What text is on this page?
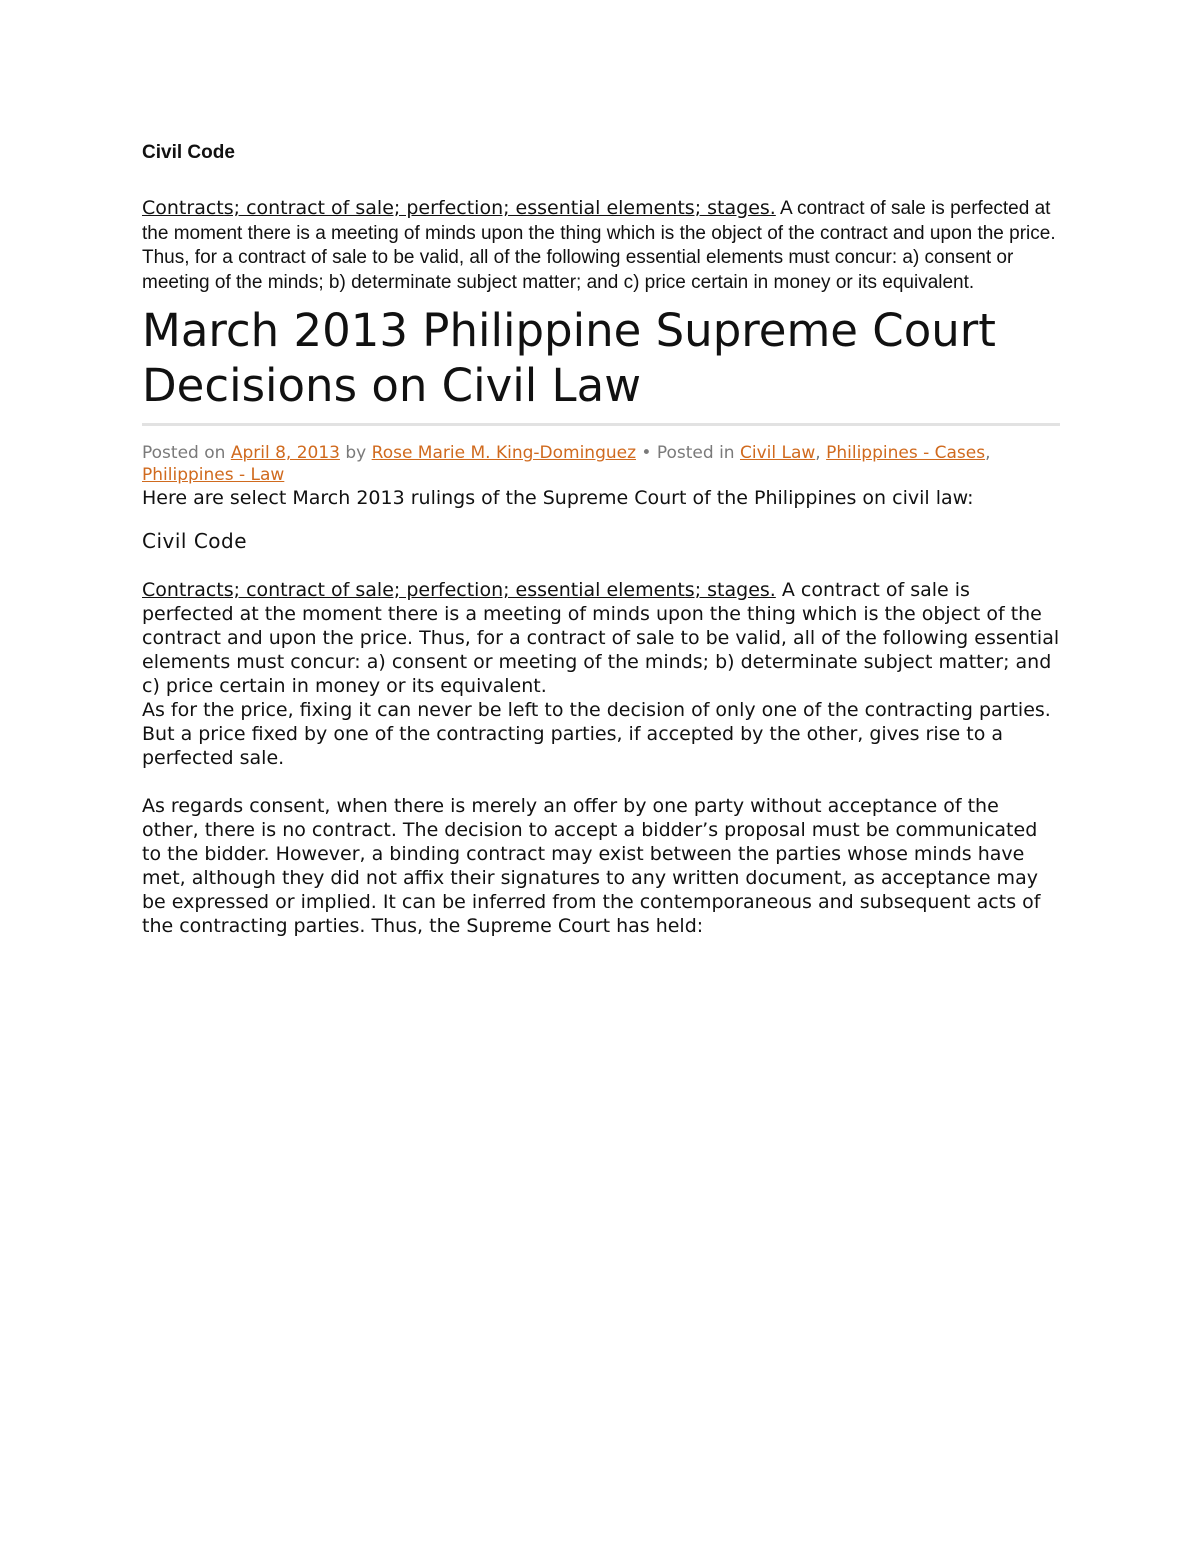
Civil Code

Contracts; contract of sale; perfection; essential elements; stages. A contract of sale is perfected at the moment there is a meeting of minds upon the thing which is the object of the contract and upon the price. Thus, for a contract of sale to be valid, all of the following essential elements must concur: a) consent or meeting of the minds; b) determinate subject matter; and c) price certain in money or its equivalent.

March 2013 Philippine Supreme Court Decisions on Civil Law
Posted on April 8, 2013 by Rose Marie M. King-Dominguez • Posted in Civil Law, Philippines - Cases, Philippines - Law

Here are select March 2013 rulings of the Supreme Court of the Philippines on civil law:

Civil Code

Contracts; contract of sale; perfection; essential elements; stages. A contract of sale is perfected at the moment there is a meeting of minds upon the thing which is the object of the contract and upon the price. Thus, for a contract of sale to be valid, all of the following essential elements must concur: a) consent or meeting of the minds; b) determinate subject matter; and c) price certain in money or its equivalent.

As for the price, fixing it can never be left to the decision of only one of the contracting parties. But a price fixed by one of the contracting parties, if accepted by the other, gives rise to a perfected sale.

As regards consent, when there is merely an offer by one party without acceptance of the other, there is no contract. The decision to accept a bidder’s proposal must be communicated to the bidder. However, a binding contract may exist between the parties whose minds have met, although they did not affix their signatures to any written document, as acceptance may be expressed or implied. It can be inferred from the contemporaneous and subsequent acts of the contracting parties. Thus, the Supreme Court has held:
